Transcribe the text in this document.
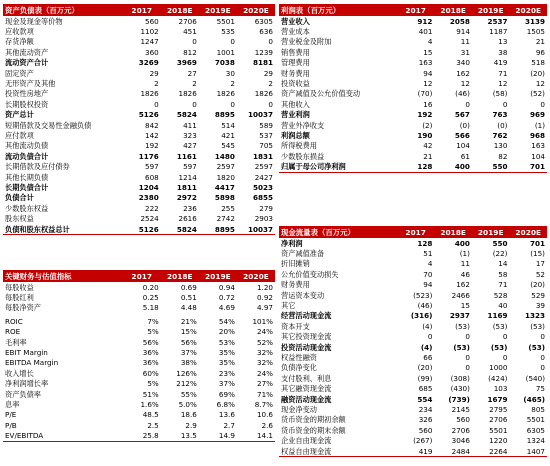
资产负债表（百万元）	2017	2018E	2019E	2020E
现金及现金等价物	560	2706	5501	6305
应收款项	1102	451	535	636
存货净额	1247	0	0	0
其他流动资产	360	812	1001	1239
流动资产合计	3269	3969	7038	8181
固定资产	29	27	30	29
无形资产及其他	2	2	2	2
投资性房地产	1826	1826	1826	1826
长期股权投资	0	0	0	0
资产总计	5126	5824	8895	10037
短期借款及交易性金融负债	842	411	514	589
应付款项	142	323	421	537
其他流动负债	192	427	545	705
流动负债合计	1176	1161	1480	1831
长期借款及应付债券	597	597	2597	2597
其他长期负债	608	1214	1820	2427
长期负债合计	1204	1811	4417	5023
负债合计	2380	2972	5898	6855
少数股东权益	222	236	255	279
股东权益	2524	2616	2742	2903
负债和股东权益总计	5126	5824	8895	10037
利润表（百万元）	2017	2018E	2019E	2020E
营业收入	912	2058	2537	3139
营业成本	401	914	1187	1505
营业税金及附加	4	11	13	21
销售费用	15	31	38	96
管理费用	163	340	419	518
财务费用	94	162	71	(20)
投资收益	12	12	12	12
资产减值及公允价值变动	(70)	(46)	(58)	(52)
其他收入	16	0	0	0
营业利润	192	567	763	969
营业外净收支	(2)	(0)	(0)	(1)
利润总额	190	566	762	968
所得税费用	42	104	130	163
少数股东损益	21	61	82	104
归属于母公司净利润	128	400	550	701
关键财务与估值指标	2017	2018E	2019E	2020E
每股收益	0.20	0.69	0.94	1.20
每股红利	0.25	0.51	0.72	0.92
每股净资产	5.18	4.48	4.69	4.97

ROIC	7%	21%	54%	101%
ROE	5%	15%	20%	24%
毛利率	56%	56%	53%	52%
EBIT Margin	36%	37%	35%	32%
EBITDA Margin	36%	38%	35%	32%
收入增长	60%	126%	23%	24%
净利润增长率	5%	212%	37%	27%
资产负债率	51%	55%	69%	71%
息率	1.6%	5.0%	6.8%	8.7%
P/E	48.5	18.6	13.6	10.6
P/B	2.5	2.9	2.7	2.6
EV/EBITDA	25.8	13.5	14.9	14.1
现金流量表（百万元）	2017	2018E	2019E	2020E
净利润	128	400	550	701
资产减值准备	51	(1)	(22)	(15)
折旧摊销	4	11	14	17
公允价值变动损失	70	46	58	52
财务费用	94	162	71	(20)
营运资本变动	(523)	2466	528	529
其它	(46)	15	40	39
经营活动现金流	(316)	2937	1169	1323
资本开支	(4)	(53)	(53)	(53)
其它投资现金流	0	0	0	0
投资活动现金流	(4)	(53)	(53)	(53)
权益性融资	66	0	0	0
负债净变化	(20)	0	1000	0
支付股利、利息	(99)	(308)	(424)	(540)
其它融资现金流	685	(430)	103	75
融资活动现金流	554	(739)	1679	(465)
现金净变动	234	2145	2795	805
货币资金的期初余额	326	560	2706	5501
货币资金的期末余额	560	2706	5501	6305
企业自由现金流	(267)	3046	1220	1324
权益自由现金流	419	2484	2264	1407
